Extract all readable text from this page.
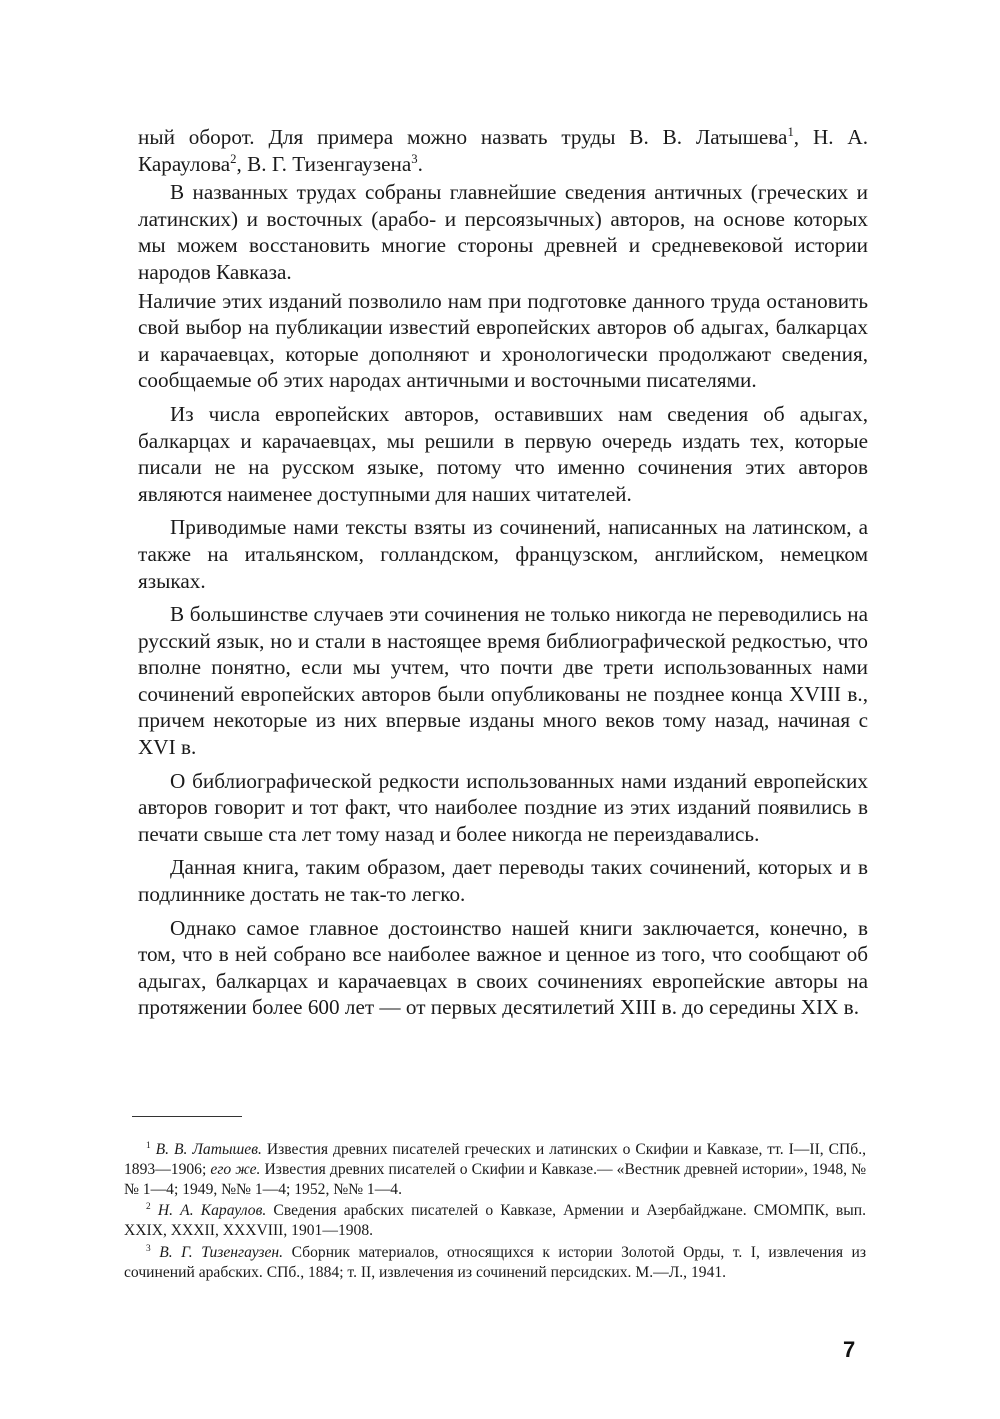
ный оборот. Для примера можно назвать труды В. В. Латышева$^1$, Н. А. Караулова$^2$, В. Г. Тизенгаузена$^3$.

В названных трудах собраны главнейшие сведения античных (греческих и латинских) и восточных (арабо- и персоязычных) авторов, на основе которых мы можем восстановить многие стороны древней и средневековой истории народов Кавказа.

Наличие этих изданий позволило нам при подготовке данного труда остановить свой выбор на публикации известий европейских авторов об адыгах, балкарцах и карачаевцах, которые дополняют и хронологически продолжают сведения, сообщаемые об этих народах античными и восточными писателями.

Из числа европейских авторов, оставивших нам сведения об адыгах, балкарцах и карачаевцах, мы решили в первую очередь издать тех, которые писали не на русском языке, потому что именно сочинения этих авторов являются наименее доступными для наших читателей.

Приводимые нами тексты взяты из сочинений, написанных на латинском, а также на итальянском, голландском, французском, английском, немецком языках.

В большинстве случаев эти сочинения не только никогда не переводились на русский язык, но и стали в настоящее время библиографической редкостью, что вполне понятно, если мы учтем, что почти две трети использованных нами сочинений европейских авторов были опубликованы не позднее конца XVIII в., причем некоторые из них впервые изданы много веков тому назад, начиная с XVI в.

О библиографической редкости использованных нами изданий европейских авторов говорит и тот факт, что наиболее поздние из этих изданий появились в печати свыше ста лет тому назад и более никогда не переиздавались.

Данная книга, таким образом, дает переводы таких сочинений, которых и в подлиннике достать не так-то легко.

Однако самое главное достоинство нашей книги заключается, конечно, в том, что в ней собрано все наиболее важное и ценное из того, что сообщают об адыгах, балкарцах и карачаевцах в своих сочинениях европейские авторы на протяжении более 600 лет — от первых десятилетий XIII в. до середины XIX в.

$^1$ В. В. Латышев. Известия древних писателей греческих и латинских о Скифии и Кавказе, тт. I—II, СПб., 1893—1906; его же. Известия древних писателей о Скифии и Кавказе.— «Вестник древней истории», 1948, №№ 1—4; 1949, №№ 1—4; 1952, №№ 1—4.

$^2$ Н. А. Караулов. Сведения арабских писателей о Кавказе, Армении и Азербайджане. СМОМПК, вып. XXIX, XXXII, XXXVIII, 1901—1908.

$^3$ В. Г. Тизенгаузен. Сборник материалов, относящихся к истории Золотой Орды, т. I, извлечения из сочинений арабских. СПб., 1884; т. II, извлечения из сочинений персидских. М.—Л., 1941.

7
